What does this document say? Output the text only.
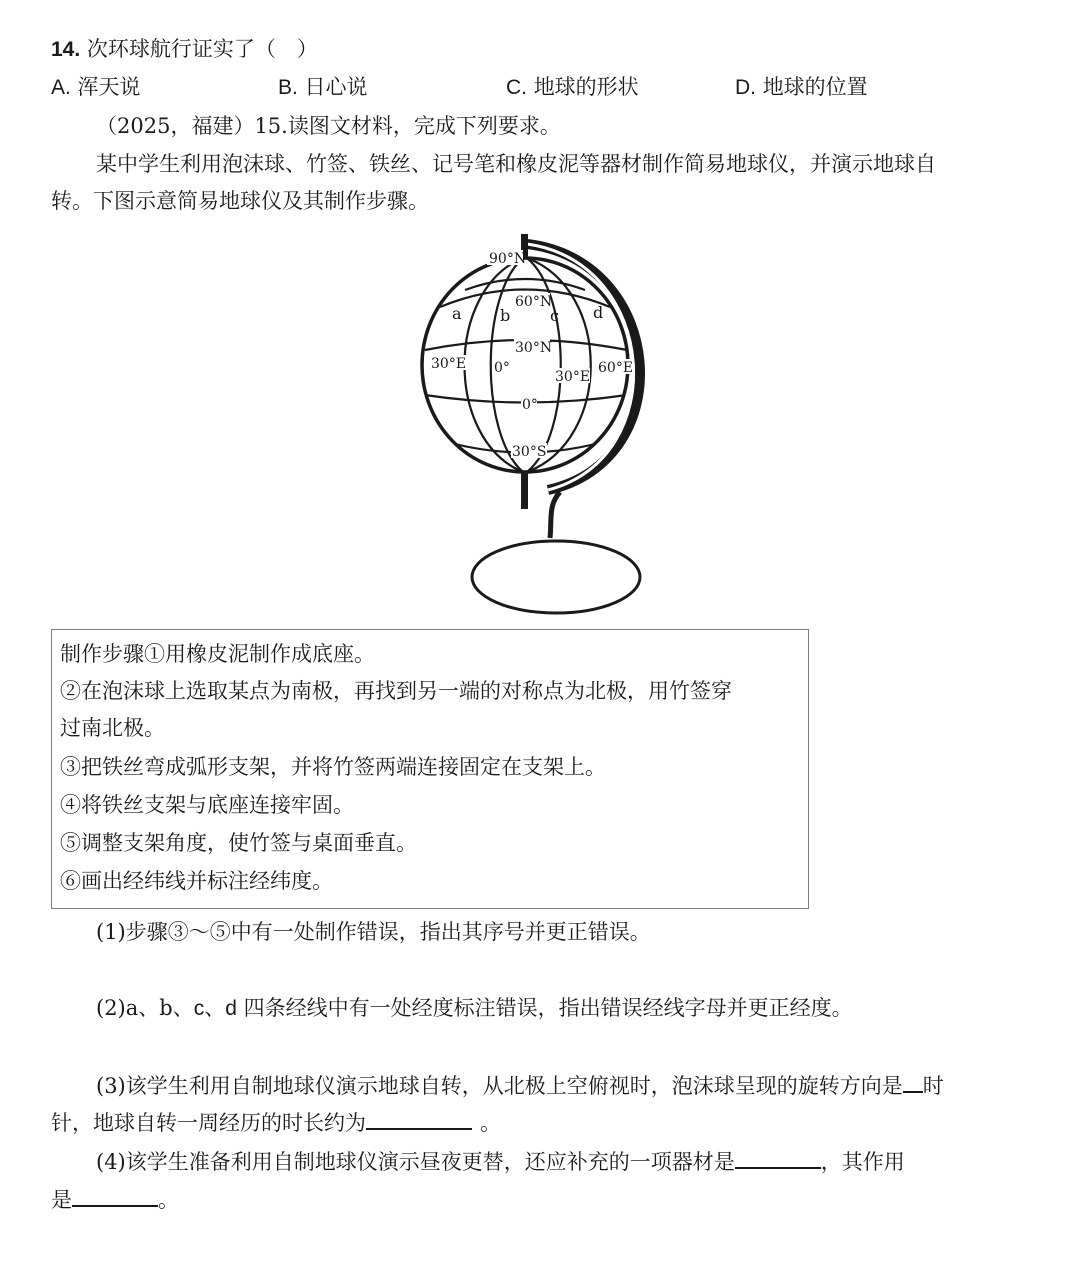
14. 次环球航行证实了（　）
A. 浑天说	B. 日心说	C. 地球的形状	D. 地球的位置
（2025，福建）15.读图文材料，完成下列要求。
某中学生利用泡沫球、竹签、铁丝、记号笔和橡皮泥等器材制作简易地球仪，并演示地球自
转。下图示意简易地球仪及其制作步骤。
90°N
60°N
a b c d
30°N
30°E 0°	60°E
30°E
0°
30°S
制作步骤①用橡皮泥制作成底座。
②在泡沫球上选取某点为南极，再找到另一端的对称点为北极，用竹签穿
过南北极。
③把铁丝弯成弧形支架，并将竹签两端连接固定在支架上。
④将铁丝支架与底座连接牢固。
⑤调整支架角度，使竹签与桌面垂直。
⑥画出经纬线并标注经纬度。
(1)步骤③～⑤中有一处制作错误，指出其序号并更正错误。
(2)a、b、c、d 四条经线中有一处经度标注错误，指出错误经线字母并更正经度。
(3)该学生利用自制地球仪演示地球自转，从北极上空俯视时，泡沫球呈现的旋转方向是 时
针，地球自转一周经历的时长约为	。
(4)该学生准备利用自制地球仪演示昼夜更替，还应补充的一项器材是	，其作用
是	。
